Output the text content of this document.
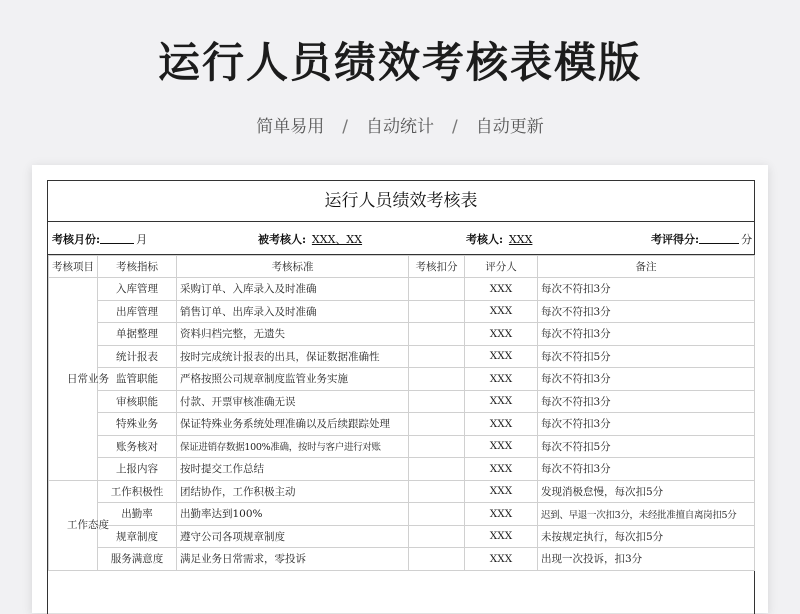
运行人员绩效考核表模版
简单易用 / 自动统计 / 自动更新
运行人员绩效考核表
考核月份:	月	被考核人: XXX、XX	考核人: XXX	考评得分:	分
考核项目	考核指标	考核标准	考核扣分	评分人	备注

日常业务	入库管理	采购订单、入库录入及时准确		XXX	每次不符扣3分
	出库管理	销售订单、出库录入及时准确		XXX	每次不符扣3分
	单据整理	资料归档完整，无遗失		XXX	每次不符扣3分
	统计报表	按时完成统计报表的出具，保证数据准确性		XXX	每次不符扣5分
	监管职能	严格按照公司规章制度监管业务实施		XXX	每次不符扣3分
	审核职能	付款、开票审核准确无误		XXX	每次不符扣3分
	特殊业务	保证特殊业务系统处理准确以及后续跟踪处理		XXX	每次不符扣3分
	账务核对	保证进销存数据100%准确，按时与客户进行对账		XXX	每次不符扣5分
	上报内容	按时提交工作总结		XXX	每次不符扣3分

工作态度	工作积极性	团结协作，工作积极主动		XXX	发现消极怠慢，每次扣5分
	出勤率	出勤率达到100%		XXX	迟到、早退一次扣3分，未经批准擅自离岗扣5分
	规章制度	遵守公司各项规章制度		XXX	未按规定执行，每次扣5分
	服务满意度	满足业务日常需求，零投诉		XXX	出现一次投诉，扣3分
